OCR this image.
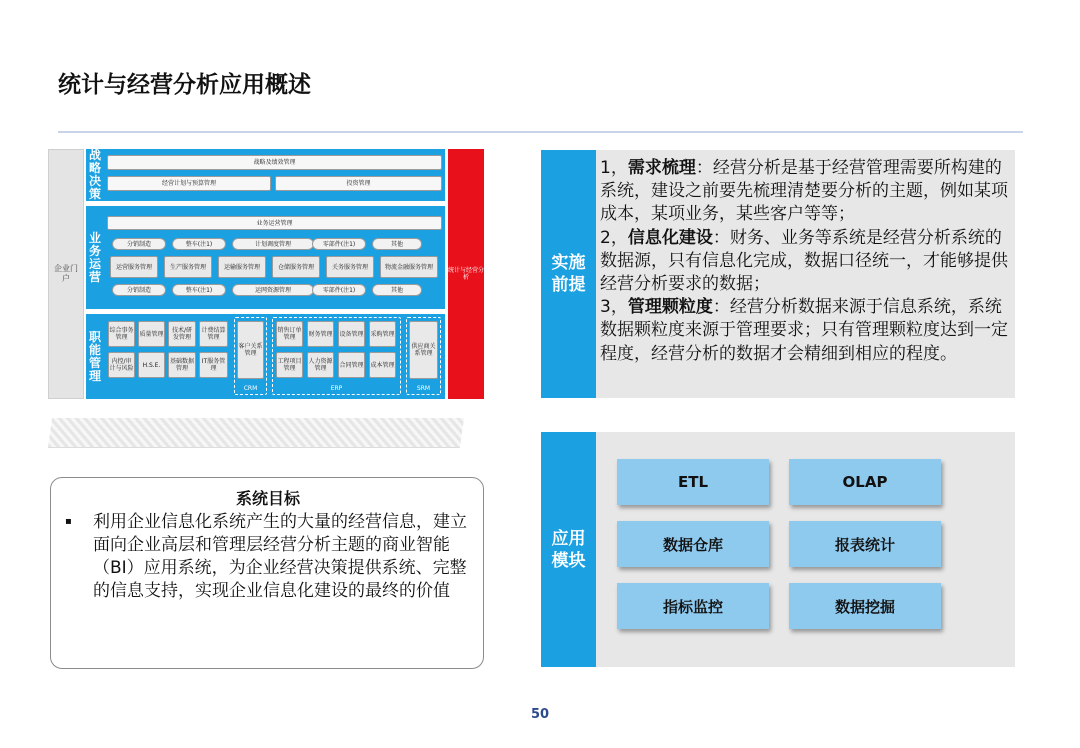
统计与经营分析应用概述
企业门户
战略决策
战略及绩效管理
经营计划与预算管理	投资管理
业务运营
业务运营管理
分销制造	整车(注1)	计划调度管理	零部件(注1)	其他
运营服务管理	生产服务管理	运输服务管理	仓储服务管理	关务服务管理	物流金融服务管理
分销制造	整车(注1)	运网资源管理	零部件(注1)	其他
职能管理
综合事务管理	质量管理	技术/研发管理
计费结算管理
内控/审计与风险	H.S.E.	基础数据管理
IT服务管理
客户关系管理
CRM
销售订单管理	财务管理 设备管理 采购管理
工程项目管理
人力资源管理	合同管理 成本管理
ERP
供应商关系管理
SRM
统计与经营分析
系统目标
▪ 利用企业信息化系统产生的大量的经营信息，建立面向企业高层和管理层经营分析主题的商业智能（BI）应用系统，为企业经营决策提供系统、完整的信息支持，实现企业信息化建设的最终的价值
实施前提
1，需求梳理：经营分析是基于经营管理需要所构建的系统，建设之前要先梳理清楚要分析的主题，例如某项成本，某项业务，某些客户等等；
2，信息化建设：财务、业务等系统是经营分析系统的数据源，只有信息化完成，数据口径统一，才能够提供经营分析要求的数据；
3，管理颗粒度：经营分析数据来源于信息系统，系统数据颗粒度来源于管理要求；只有管理颗粒度达到一定程度，经营分析的数据才会精细到相应的程度。
应用模块
ETL	OLAP
数据仓库	报表统计
指标监控	数据挖掘
50
